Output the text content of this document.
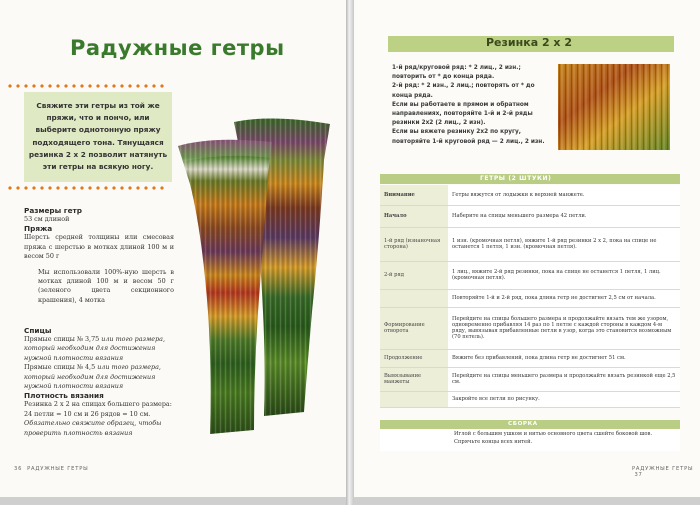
Радужные гетры
Свяжите эти гетры из той же пряжи, что и пончо, или выберите однотонную пряжу подходящего тона. Тянущаяся резинка 2 x 2 позволит натянуть эти гетры на всякую ногу.
Размеры гетр
53 см длиной
Пряжа
Шерсть средней толщины или смесовая пряжа с шерстью в мотках длиной 100 м и весом 50 г
Мы использовали 100%-ную шерсть в мотках длиной 100 м и весом 50 г (зеленого цвета секционного крашения), 4 мотка
Спицы
Прямые спицы № 3,75 или того размера, который необходим для достижения нужной плотности вязания
Прямые спицы № 4,5 или того размера, который необходим для достижения нужной плотности вязания
Плотность вязания
Резинка 2 x 2 на спицах большего размера: 24 петли = 10 см и 26 рядов = 10 см. Обязательно свяжите образец, чтобы проверить плотность вязания
36 РАДУЖНЫЕ ГЕТРЫ
Резинка 2 x 2
1-й ряд/круговой ряд: * 2 лиц., 2 изн.; повторить от * до конца ряда.
2-й ряд: * 2 изн., 2 лиц.; повторять от * до конца ряда.
Если вы работаете в прямом и обратном направлениях, повторяйте 1-й и 2-й ряды резинки 2x2 (2 лиц., 2 изн).
Если вы вяжете резинку 2x2 по кругу, повторяйте 1-й круговой ряд — 2 лиц., 2 изн.
ГЕТРЫ (2 ШТУКИ)
Внимание	Гетры вяжутся от лодыжки к верхней манжете.
Начало	Наберите на спицы меньшего размера 42 петли.
1-й ряд (изнаночная сторона)	1 изн. (кромочная петля), вяжите 1-й ряд резинки 2 x 2, пока на спице не останется 1 петля, 1 изн. (кромочная петля).
2-й ряд	1 лиц., вяжите 2-й ряд резинки, пока на спице не останется 1 петля, 1 лиц. (кромочная петля).
	Повторяйте 1-й и 2-й ряд, пока длина гетр не достигнет 2,5 см от начала.
Формирование отворота	Перейдите на спицы большего размера и продолжайте вязать тем же узором, одновременно прибавляя 14 раз по 1 петле с каждой стороны в каждом 4-м ряду, вывязывая прибавленные петли в узор, когда это становится возможным (70 петель).
Продолжение	Вяжите без прибавлений, пока длина гетр не достигнет 51 см.
Вывязывание манжеты	Перейдите на спицы меньшего размера и продолжайте вязать резинкой еще 2,5 см.
	Закройте все петли по рисунку.
СБОРКА
Иглой с большим ушком и нитью основного цвета сшейте боковой шов. Спрячьте концы всех нитей.
РАДУЖНЫЕ ГЕТРЫ  37
